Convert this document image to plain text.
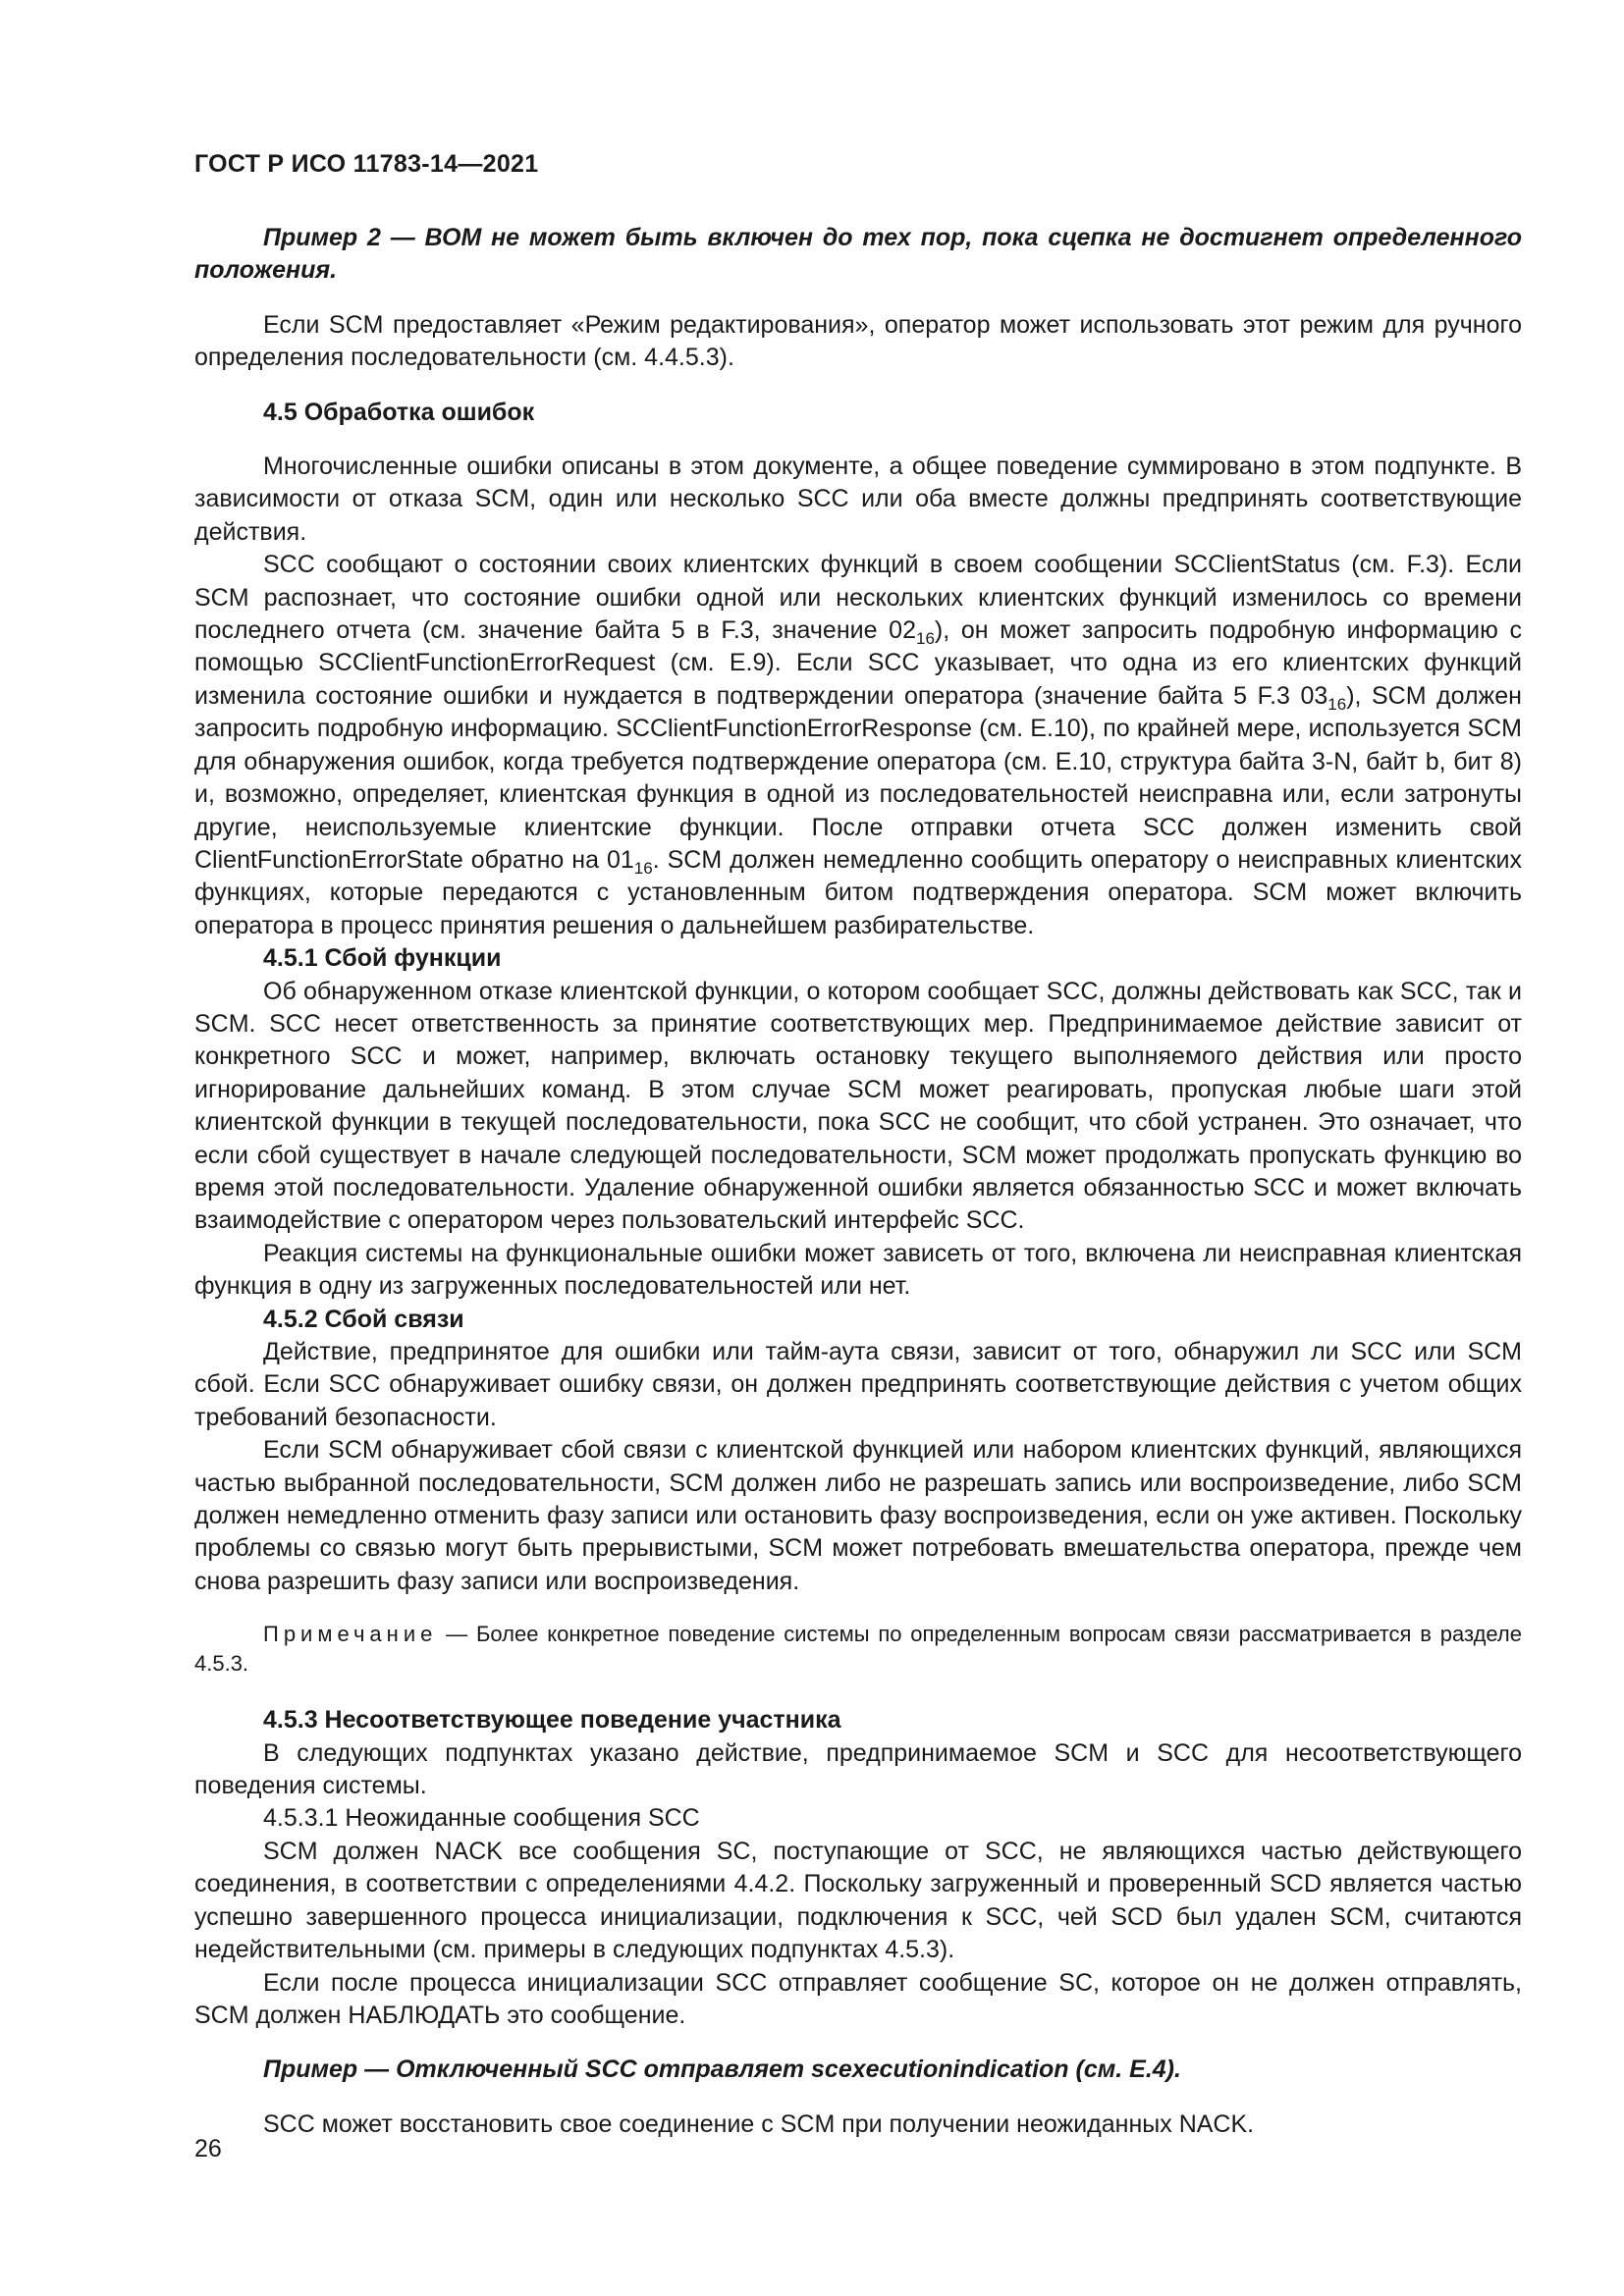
ГОСТ Р ИСО 11783-14—2021

Пример 2 — ВОМ не может быть включен до тех пор, пока сцепка не достигнет определенного положения.

Если SCM предоставляет «Режим редактирования», оператор может использовать этот режим для ручного определения последовательности (см. 4.4.5.3).

4.5 Обработка ошибок

Многочисленные ошибки описаны в этом документе, а общее поведение суммировано в этом подпункте. В зависимости от отказа SCM, один или несколько SCC или оба вместе должны предпринять соответствующие действия.

SCC сообщают о состоянии своих клиентских функций в своем сообщении SCClientStatus (см. F.3). Если SCM распознает, что состояние ошибки одной или нескольких клиентских функций изменилось со времени последнего отчета (см. значение байта 5 в F.3, значение $02_{16}$), он может запросить подробную информацию с помощью SCClientFunctionErrorRequest (см. E.9). Если SCC указывает, что одна из его клиентских функций изменила состояние ошибки и нуждается в подтверждении оператора (значение байта 5 F.3 $03_{16}$), SCM должен запросить подробную информацию. SCClientFunctionErrorResponse (см. E.10), по крайней мере, используется SCM для обнаружения ошибок, когда требуется подтверждение оператора (см. E.10, структура байта 3-N, байт b, бит 8) и, возможно, определяет, клиентская функция в одной из последовательностей неисправна или, если затронуты другие, неиспользуемые клиентские функции. После отправки отчета SCC должен изменить свой ClientFunctionErrorState обратно на $01_{16}$. SCM должен немедленно сообщить оператору о неисправных клиентских функциях, которые передаются с установленным битом подтверждения оператора. SCM может включить оператора в процесс принятия решения о дальнейшем разбирательстве.

4.5.1 Сбой функции

Об обнаруженном отказе клиентской функции, о котором сообщает SCC, должны действовать как SCC, так и SCM. SCC несет ответственность за принятие соответствующих мер. Предпринимаемое действие зависит от конкретного SCC и может, например, включать остановку текущего выполняемого действия или просто игнорирование дальнейших команд. В этом случае SCM может реагировать, пропуская любые шаги этой клиентской функции в текущей последовательности, пока SCC не сообщит, что сбой устранен. Это означает, что если сбой существует в начале следующей последовательности, SCM может продолжать пропускать функцию во время этой последовательности. Удаление обнаруженной ошибки является обязанностью SCC и может включать взаимодействие с оператором через пользовательский интерфейс SCC.

Реакция системы на функциональные ошибки может зависеть от того, включена ли неисправная клиентская функция в одну из загруженных последовательностей или нет.

4.5.2 Сбой связи

Действие, предпринятое для ошибки или тайм-аута связи, зависит от того, обнаружил ли SCC или SCM сбой. Если SCC обнаруживает ошибку связи, он должен предпринять соответствующие действия с учетом общих требований безопасности.

Если SCM обнаруживает сбой связи с клиентской функцией или набором клиентских функций, являющихся частью выбранной последовательности, SCM должен либо не разрешать запись или воспроизведение, либо SCM должен немедленно отменить фазу записи или остановить фазу воспроизведения, если он уже активен. Поскольку проблемы со связью могут быть прерывистыми, SCM может потребовать вмешательства оператора, прежде чем снова разрешить фазу записи или воспроизведения.

Примечание — Более конкретное поведение системы по определенным вопросам связи рассматривается в разделе 4.5.3.

4.5.3 Несоответствующее поведение участника

В следующих подпунктах указано действие, предпринимаемое SCM и SCC для несоответствующего поведения системы.

4.5.3.1 Неожиданные сообщения SCC

SCM должен NACK все сообщения SC, поступающие от SCC, не являющихся частью действующего соединения, в соответствии с определениями 4.4.2. Поскольку загруженный и проверенный SCD является частью успешно завершенного процесса инициализации, подключения к SCC, чей SCD был удален SCM, считаются недействительными (см. примеры в следующих подпунктах 4.5.3).

Если после процесса инициализации SCC отправляет сообщение SC, которое он не должен отправлять, SCM должен НАБЛЮДАТЬ это сообщение.

Пример — Отключенный SCC отправляет scexecutionindication (см. E.4).

SCC может восстановить свое соединение с SCM при получении неожиданных NACK.

26
